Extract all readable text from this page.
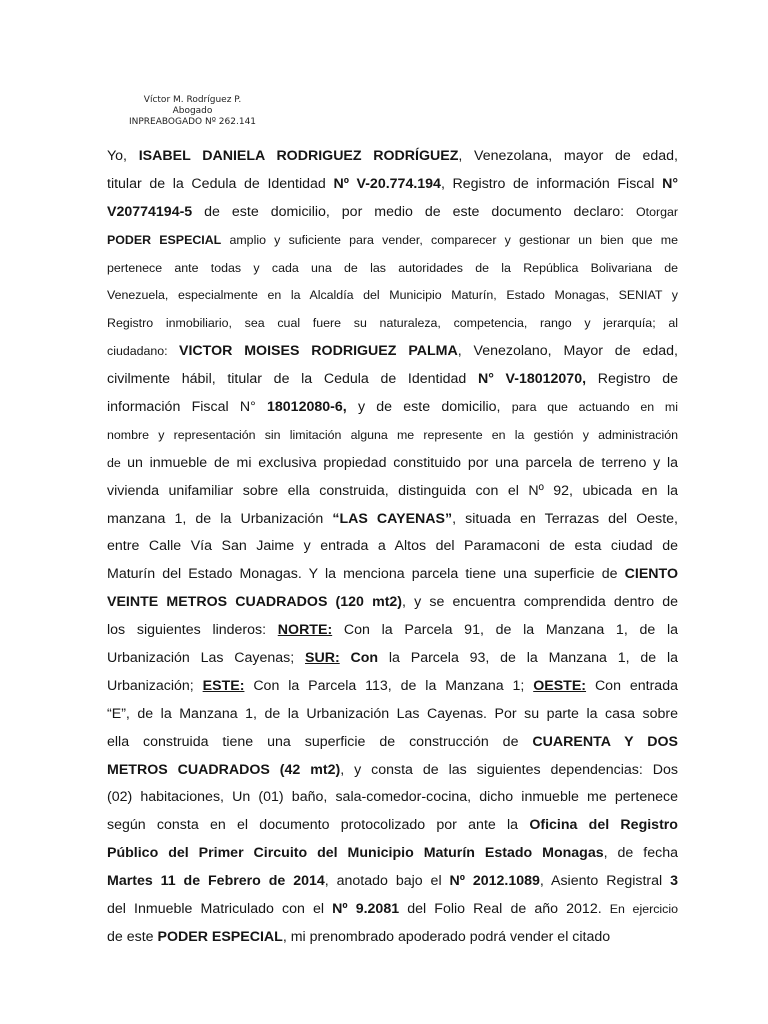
Víctor M. Rodríguez P.
Abogado
INPREABOGADO Nº 262.141
Yo, ISABEL DANIELA RODRIGUEZ RODRÍGUEZ, Venezolana, mayor de edad,
titular de la Cedula de Identidad Nº V-20.774.194, Registro de información Fiscal N°
V20774194-5 de este domicilio, por medio de este documento declaro: Otorgar
PODER ESPECIAL amplio y suficiente para vender, comparecer y gestionar un bien que me
pertenece ante todas y cada una de las autoridades de la República Bolivariana de
Venezuela, especialmente en la Alcaldía del Municipio Maturín, Estado Monagas, SENIAT y
Registro inmobiliario, sea cual fuere su naturaleza, competencia, rango y jerarquía; al
ciudadano: VICTOR MOISES RODRIGUEZ PALMA, Venezolano, Mayor de edad,
civilmente hábil, titular de la Cedula de Identidad N° V-18012070, Registro de
información Fiscal N° 18012080-6, y de este domicilio, para que actuando en mi
nombre y representación sin limitación alguna me represente en la gestión y administración
de un inmueble de mi exclusiva propiedad constituido por una parcela de terreno y la
vivienda unifamiliar sobre ella construida, distinguida con el Nº 92, ubicada en la
manzana 1, de la Urbanización “LAS CAYENAS”, situada en Terrazas del Oeste,
entre Calle Vía San Jaime y entrada a Altos del Paramaconi de esta ciudad de
Maturín del Estado Monagas. Y la menciona parcela tiene una superficie de CIENTO
VEINTE METROS CUADRADOS (120 mt2), y se encuentra comprendida dentro de
los siguientes linderos: NORTE: Con la Parcela 91, de la Manzana 1, de la
Urbanización Las Cayenas; SUR: Con la Parcela 93, de la Manzana 1, de la
Urbanización; ESTE: Con la Parcela 113, de la Manzana 1; OESTE: Con entrada
“E”, de la Manzana 1, de la Urbanización Las Cayenas. Por su parte la casa sobre
ella construida tiene una superficie de construcción de CUARENTA Y DOS
METROS CUADRADOS (42 mt2), y consta de las siguientes dependencias: Dos
(02) habitaciones, Un (01) baño, sala-comedor-cocina, dicho inmueble me pertenece
según consta en el documento protocolizado por ante la Oficina del Registro
Público del Primer Circuito del Municipio Maturín Estado Monagas, de fecha
Martes 11 de Febrero de 2014, anotado bajo el Nº 2012.1089, Asiento Registral 3
del Inmueble Matriculado con el Nº 9.2081 del Folio Real de año 2012. En ejercicio
de este PODER ESPECIAL, mi prenombrado apoderado podrá vender el citado
